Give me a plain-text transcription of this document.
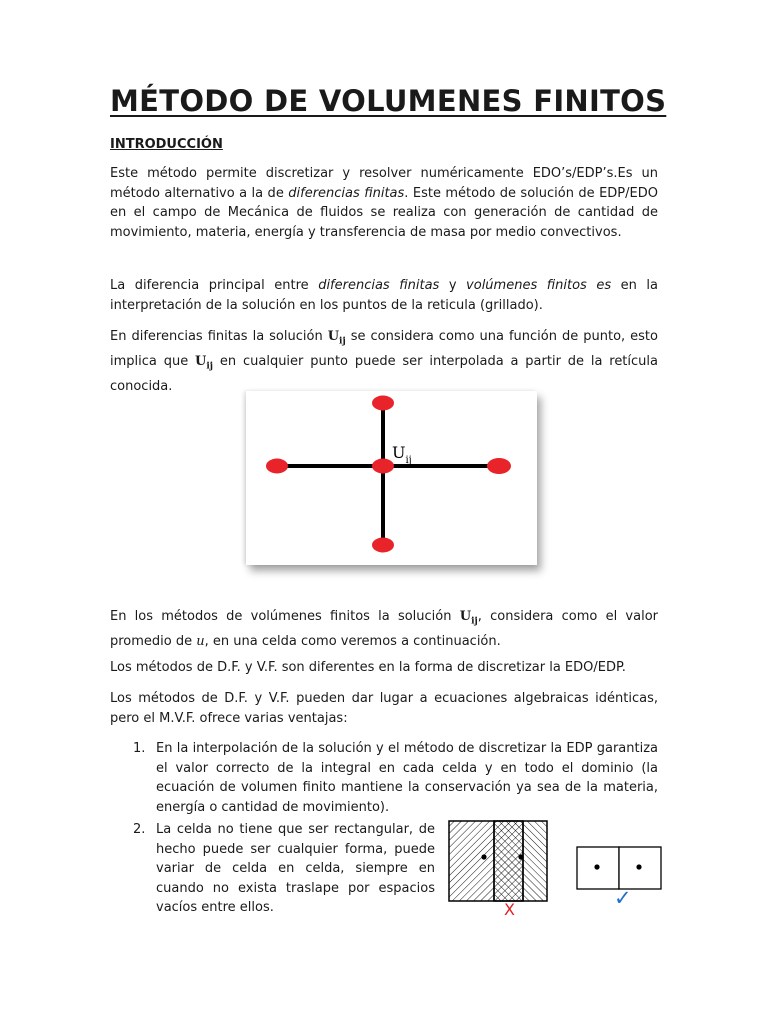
MÉTODO DE VOLUMENES FINITOS

INTRODUCCIÓN

Este método permite discretizar y resolver numéricamente EDO’s/EDP’s.Es un método alternativo a la de diferencias finitas. Este método de solución de EDP/EDO en el campo de Mecánica de fluidos se realiza con generación de cantidad de movimiento, materia, energía y transferencia de masa por medio convectivos.

La diferencia principal entre diferencias finitas y volúmenes finitos es en la interpretación de la solución en los puntos de la reticula (grillado).

En diferencias finitas la solución $U_{ij}$ se considera como una función de punto, esto implica que $U_{ij}$ en cualquier punto puede ser interpolada a partir de la retícula conocida.

$U_{ij}$

En los métodos de volúmenes finitos la solución $U_{ij}$, considera como el valor promedio de u, en una celda como veremos a continuación.

Los métodos de D.F. y V.F. son diferentes en la forma de discretizar la EDO/EDP.

Los métodos de D.F. y V.F. pueden dar lugar a ecuaciones algebraicas idénticas, pero el M.V.F. ofrece varias ventajas:

1. En la interpolación de la solución y el método de discretizar la EDP garantiza el valor correcto de la integral en cada celda y en todo el dominio (la ecuación de volumen finito mantiene la conservación ya sea de la materia, energía o cantidad de movimiento).

2. La celda no tiene que ser rectangular, de hecho puede ser cualquier forma, puede variar de celda en celda, siempre en cuando no exista traslape por espacios vacíos entre ellos.	X	✓
